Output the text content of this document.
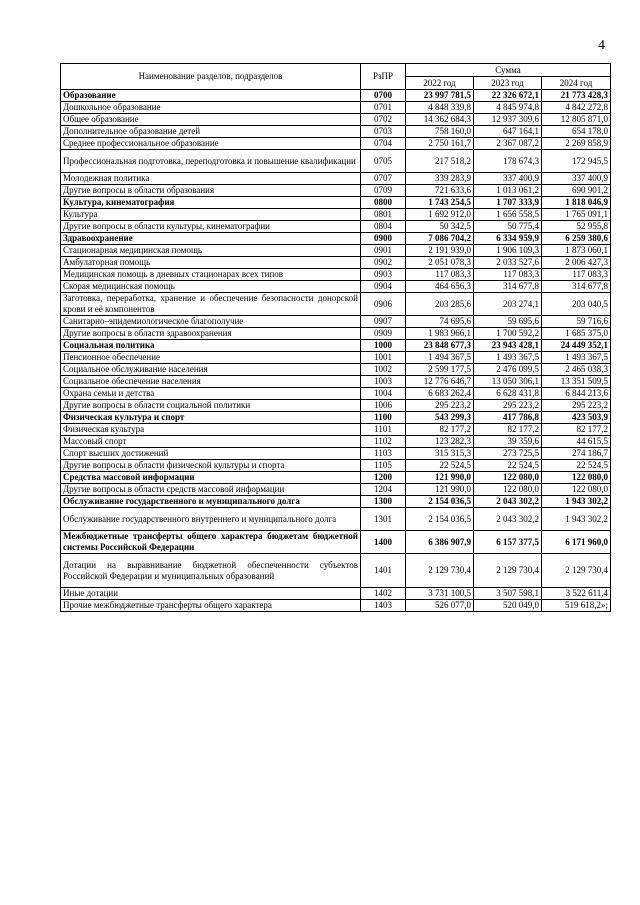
4
Наименование разделов, подразделов	РзПР	Сумма		
		2022 год	2023 год	2024 год
Образование	0700	23 997 781,5	22 326 672,1	21 773 428,3
Дошкольное образование	0701	4 848 339,8	4 845 974,8	4 842 272,8
Общее образование	0702	14 362 684,3	12 937 309,6	12 805 871,0
Дополнительное образование детей	0703	758 160,0	647 164,1	654 178,0
Среднее профессиональное образование	0704	2 750 161,7	2 367 087,2	2 269 858,9
Профессиональная подготовка, переподготовка и повышение квалификации	0705	217 518,2	178 674,3	172 945,5
Молодежная политика	0707	339 283,9	337 400,9	337 400,9
Другие вопросы в области образования	0709	721 633,6	1 013 061,2	690 901,2
Культура, кинематография	0800	1 743 254,5	1 707 333,9	1 818 046,9
Культура	0801	1 692 912,0	1 656 558,5	1 765 091,1
Другие вопросы в области культуры, кинематографии	0804	50 342,5	50 775,4	52 955,8
Здравоохранение	0900	7 086 704,2	6 334 959,9	6 259 380,6
Стационарная медицинская помощь	0901	2 191 939,0	1 906 109,3	1 873 060,1
Амбулаторная помощь	0902	2 051 078,3	2 033 527,6	2 006 427,3
Медицинская помощь в дневных стационарах всех типов	0903	117 083,3	117 083,3	117 083,3
Скорая медицинская помощь	0904	464 656,3	314 677,8	314 677,8
Заготовка, переработка, хранение и обеспечение безопасности донорской крови и её компонентов	0906	203 285,6	203 274,1	203 040,5
Санитарно–эпидемиологическое благополучие	0907	74 695,6	59 695,6	59 716,6
Другие вопросы в области здравоохранения	0909	1 983 966,1	1 700 592,2	1 685 375,0
Социальная политика	1000	23 848 677,3	23 943 428,1	24 449 352,1
Пенсионное обеспечение	1001	1 494 367,5	1 493 367,5	1 493 367,5
Социальное обслуживание населения	1002	2 599 177,5	2 476 099,5	2 465 038,3
Социальное обеспечение населения	1003	12 776 646,7	13 050 306,1	13 351 509,5
Охрана семьи и детства	1004	6 683 262,4	6 628 431,8	6 844 213,6
Другие вопросы в области социальной политики	1006	295 223,2	295 223,2	295 223,2
Физическая культура и спорт	1100	543 299,3	417 786,8	423 503,9
Физическая культура	1101	82 177,2	82 177,2	82 177,2
Массовый спорт	1102	123 282,3	39 359,6	44 615,5
Спорт высших достижений	1103	315 315,3	273 725,5	274 186,7
Другие вопросы в области физической культуры и спорта	1105	22 524,5	22 524,5	22 524,5
Средства массовой информации	1200	121 990,0	122 080,0	122 080,0
Другие вопросы в области средств массовой информации	1204	121 990,0	122 080,0	122 080,0
Обслуживание государственного и муниципального долга	1300	2 154 036,5	2 043 302,2	1 943 302,2
Обслуживание государственного внутреннего и муниципального долга	1301	2 154 036,5	2 043 302,2	1 943 302,2
Межбюджетные трансферты общего характера бюджетам бюджетной системы Российской Федерации	1400	6 386 907,9	6 157 377,5	6 171 960,0
Дотации на выравнивание бюджетной обеспеченности субъектов Российской Федерации и муниципальных образований	1401	2 129 730,4	2 129 730,4	2 129 730,4
Иные дотации	1402	3 731 100,5	3 507 598,1	3 522 611,4
Прочие межбюджетные трансферты общего характера	1403	526 077,0	520 049,0	519 618,2»;
